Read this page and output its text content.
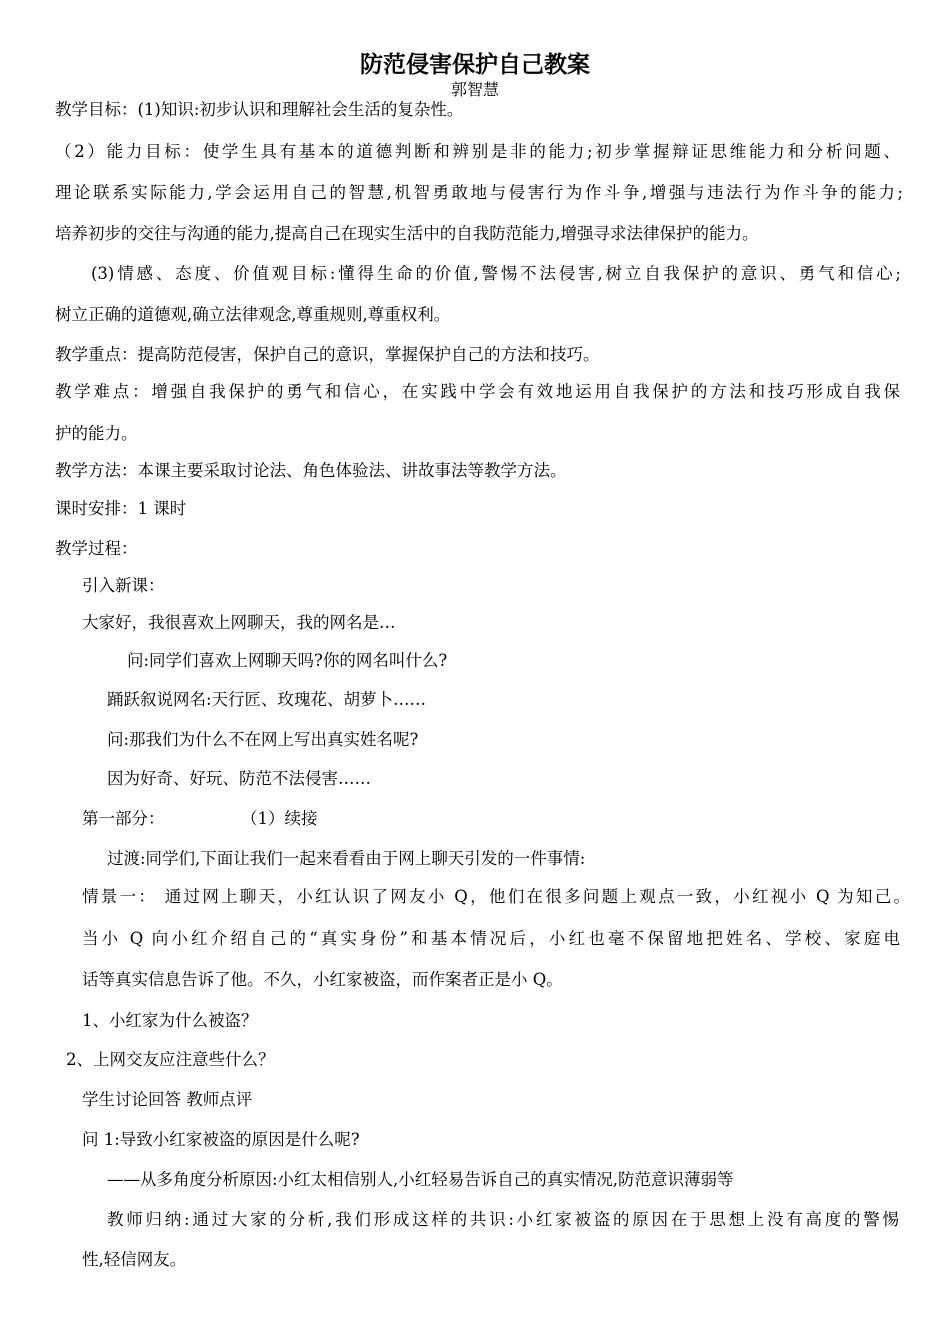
防范侵害保护自己教案
郭智慧
教学目标：(1)知识:初步认识和理解社会生活的复杂性。
（2）能力目标：使学生具有基本的道德判断和辨别是非的能力;初步掌握辩证思维能力和分析问题、
理论联系实际能力,学会运用自己的智慧,机智勇敢地与侵害行为作斗争,增强与违法行为作斗争的能力;
培养初步的交往与沟通的能力,提高自己在现实生活中的自我防范能力,增强寻求法律保护的能力。
(3)情感、态度、价值观目标:懂得生命的价值,警惕不法侵害,树立自我保护的意识、勇气和信心;
树立正确的道德观,确立法律观念,尊重规则,尊重权利。
教学重点：提高防范侵害，保护自己的意识，掌握保护自己的方法和技巧。
教学难点：增强自我保护的勇气和信心，在实践中学会有效地运用自我保护的方法和技巧形成自我保
护的能力。
教学方法：本课主要采取讨论法、角色体验法、讲故事法等教学方法。
课时安排：1 课时
教学过程：
引入新课：
大家好，我很喜欢上网聊天，我的网名是…
问:同学们喜欢上网聊天吗?你的网名叫什么?
踊跃叙说网名:天行匠、玫瑰花、胡萝卜……
问:那我们为什么不在网上写出真实姓名呢?
因为好奇、好玩、防范不法侵害……
第一部分：	（1）续接
过渡:同学们,下面让我们一起来看看由于网上聊天引发的一件事情:
情景一： 通过网上聊天，小红认识了网友小 Q，他们在很多问题上观点一致，小红视小 Q 为知己。
当小 Q 向小红介绍自己的“真实身份”和基本情况后，小红也毫不保留地把姓名、学校、家庭电
话等真实信息告诉了他。不久，小红家被盗，而作案者正是小 Q。
1、小红家为什么被盗？
2、上网交友应注意些什么？
学生讨论回答 教师点评
问 1:导致小红家被盗的原因是什么呢?
——从多角度分析原因:小红太相信别人,小红轻易告诉自己的真实情况,防范意识薄弱等
教师归纳:通过大家的分析,我们形成这样的共识:小红家被盗的原因在于思想上没有高度的警惕
性,轻信网友。
